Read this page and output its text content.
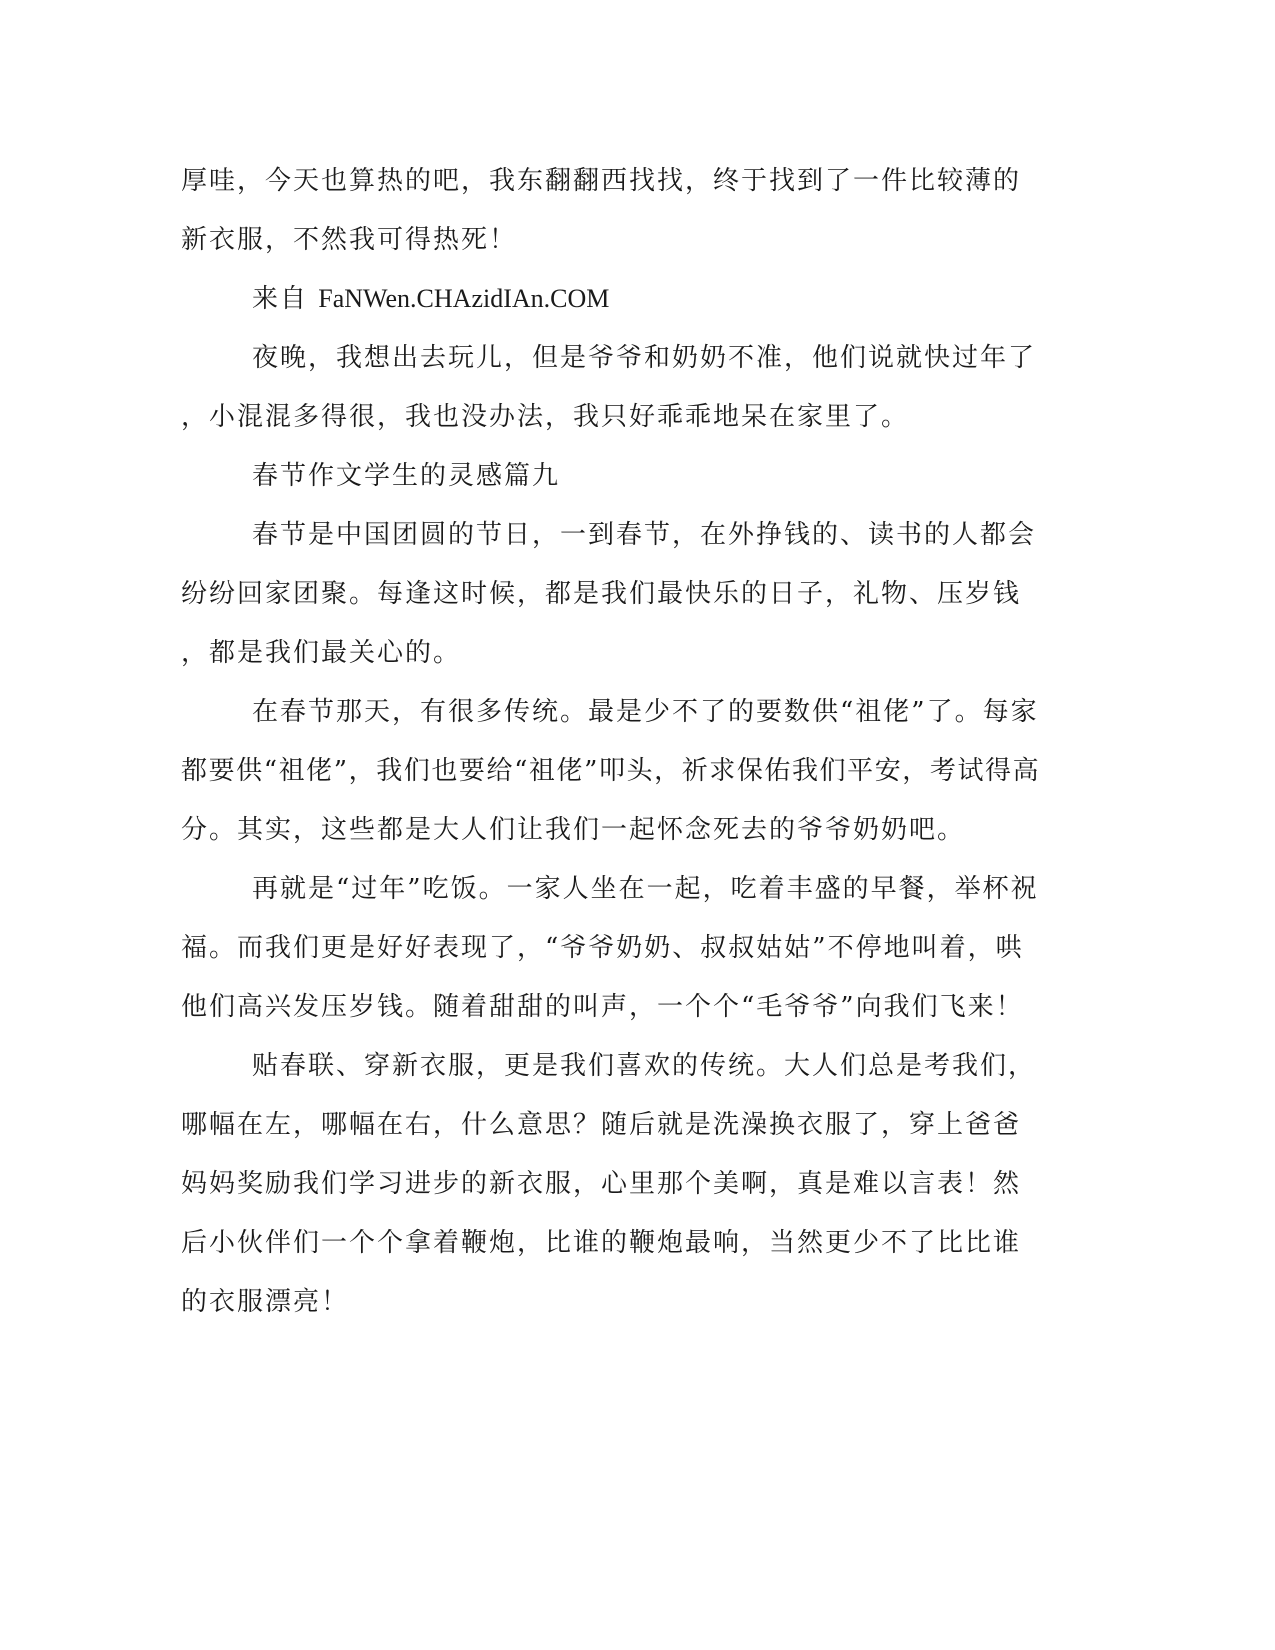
厚哇，今天也算热的吧，我东翻翻西找找，终于找到了一件比较薄的
新衣服，不然我可得热死！
来自 FaNWen.CHAzidIAn.COM
夜晚，我想出去玩儿，但是爷爷和奶奶不准，他们说就快过年了
，小混混多得很，我也没办法，我只好乖乖地呆在家里了。
春节作文学生的灵感篇九
春节是中国团圆的节日，一到春节，在外挣钱的、读书的人都会
纷纷回家团聚。每逢这时候，都是我们最快乐的日子，礼物、压岁钱
，都是我们最关心的。
在春节那天，有很多传统。最是少不了的要数供“祖佬”了。每家
都要供“祖佬”，我们也要给“祖佬”叩头，祈求保佑我们平安，考试得高
分。其实，这些都是大人们让我们一起怀念死去的爷爷奶奶吧。
再就是“过年”吃饭。一家人坐在一起，吃着丰盛的早餐，举杯祝
福。而我们更是好好表现了，“爷爷奶奶、叔叔姑姑”不停地叫着，哄
他们高兴发压岁钱。随着甜甜的叫声，一个个“毛爷爷”向我们飞来！
贴春联、穿新衣服，更是我们喜欢的传统。大人们总是考我们，
哪幅在左，哪幅在右，什么意思？随后就是洗澡换衣服了，穿上爸爸
妈妈奖励我们学习进步的新衣服，心里那个美啊，真是难以言表！然
后小伙伴们一个个拿着鞭炮，比谁的鞭炮最响，当然更少不了比比谁
的衣服漂亮！
